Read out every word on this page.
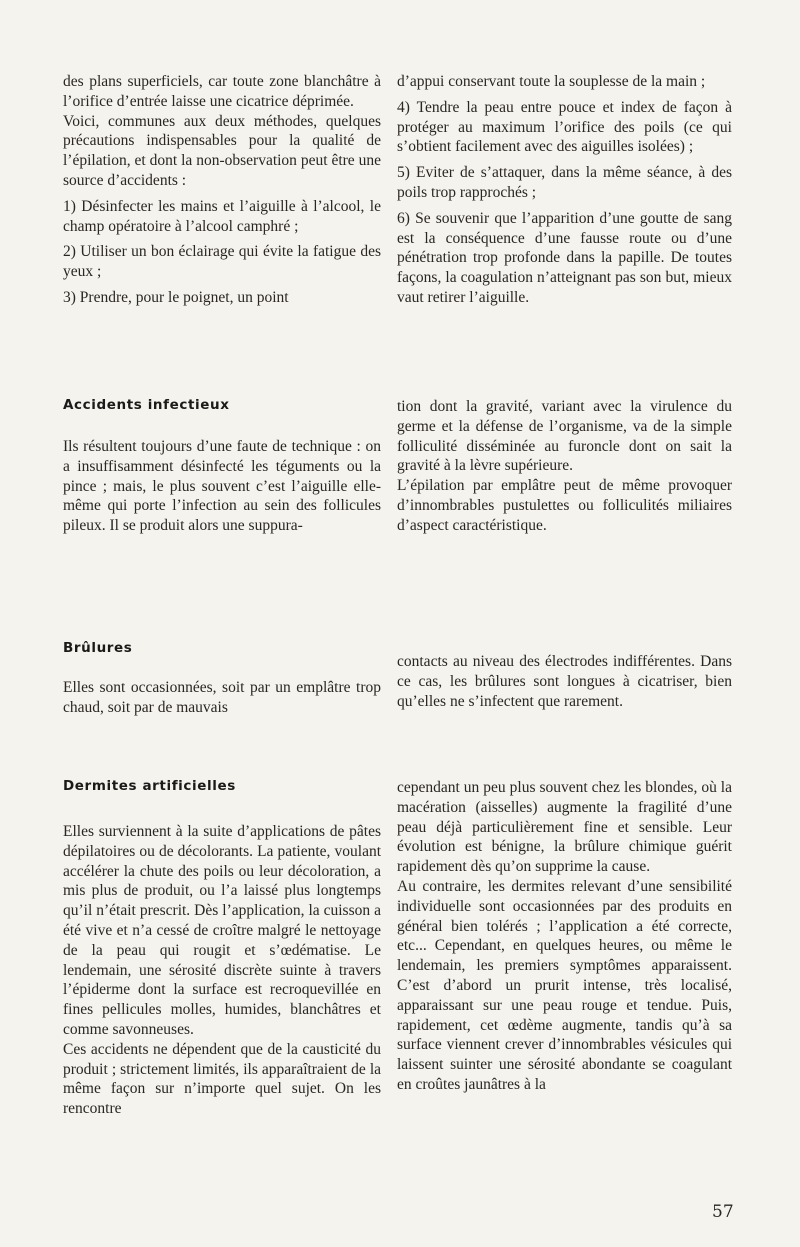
des plans superficiels, car toute zone blanchâtre à l’orifice d’entrée laisse une cicatrice déprimée.

Voici, communes aux deux méthodes, quelques précautions indispensables pour la qualité de l’épilation, et dont la non-observation peut être une source d’accidents :

1) Désinfecter les mains et l’aiguille à l’alcool, le champ opératoire à l’alcool camphré ;

2) Utiliser un bon éclairage qui évite la fatigue des yeux ;

3) Prendre, pour le poignet, un point

d’appui conservant toute la souplesse de la main ;

4) Tendre la peau entre pouce et index de façon à protéger au maximum l’orifice des poils (ce qui s’obtient facilement avec des aiguilles isolées) ;

5) Eviter de s’attaquer, dans la même séance, à des poils trop rapprochés ;

6) Se souvenir que l’apparition d’une goutte de sang est la conséquence d’une fausse route ou d’une pénétration trop profonde dans la papille. De toutes façons, la coagulation n’atteignant pas son but, mieux vaut retirer l’aiguille.

Accidents infectieux

Ils résultent toujours d’une faute de technique : on a insuffisamment désinfecté les téguments ou la pince ; mais, le plus souvent c’est l’aiguille elle-même qui porte l’infection au sein des follicules pileux. Il se produit alors une suppura-

tion dont la gravité, variant avec la virulence du germe et la défense de l’organisme, va de la simple folliculité disséminée au furoncle dont on sait la gravité à la lèvre supérieure.

L’épilation par emplâtre peut de même provoquer d’innombrables pustulettes ou folliculités miliaires d’aspect caractéristique.

Brûlures

Elles sont occasionnées, soit par un emplâtre trop chaud, soit par de mauvais

contacts au niveau des électrodes indifférentes. Dans ce cas, les brûlures sont longues à cicatriser, bien qu’elles ne s’infectent que rarement.

Dermites artificielles

Elles surviennent à la suite d’applications de pâtes dépilatoires ou de décolorants. La patiente, voulant accélérer la chute des poils ou leur décoloration, a mis plus de produit, ou l’a laissé plus longtemps qu’il n’était prescrit. Dès l’application, la cuisson a été vive et n’a cessé de croître malgré le nettoyage de la peau qui rougit et s’œdématise. Le lendemain, une sérosité discrète suinte à travers l’épiderme dont la surface est recroquevillée en fines pellicules molles, humides, blanchâtres et comme savonneuses.

Ces accidents ne dépendent que de la causticité du produit ; strictement limités, ils apparaîtraient de la même façon sur n’importe quel sujet. On les rencontre

cependant un peu plus souvent chez les blondes, où la macération (aisselles) augmente la fragilité d’une peau déjà particulièrement fine et sensible. Leur évolution est bénigne, la brûlure chimique guérit rapidement dès qu’on supprime la cause.

Au contraire, les dermites relevant d’une sensibilité individuelle sont occasionnées par des produits en général bien tolérés ; l’application a été correcte, etc... Cependant, en quelques heures, ou même le lendemain, les premiers symptômes apparaissent. C’est d’abord un prurit intense, très localisé, apparaissant sur une peau rouge et tendue. Puis, rapidement, cet œdème augmente, tandis qu’à sa surface viennent crever d’innombrables vésicules qui laissent suinter une sérosité abondante se coagulant en croûtes jaunâtres à la

57
